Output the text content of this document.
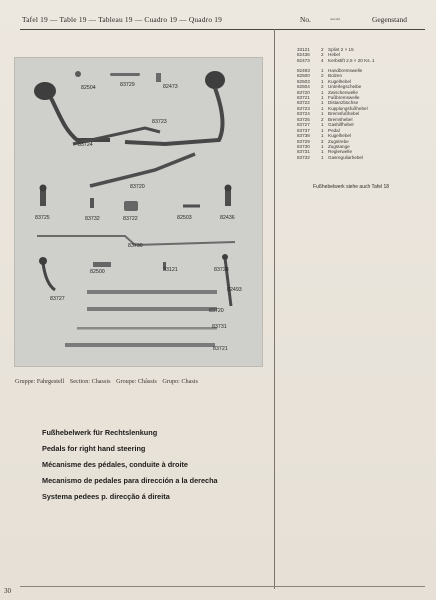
Tafel 19 — Table 19 — Tableau 19 — Cuadro 19 — Quadro 19	No.	Anzahl	Gegenstand
82504	83729	82473
83723
83724
83720
83725	83732	83722	82503	82436
83730
82500	33121	83728
83727
82493
83720
83731
83721
Gruppe: Fahrgestell Section: Chassis Groupe: Châssis Grupo: Chasis
Fußhebelwerk für Rechtslenkung
Pedals for right hand steering
Mécanisme des pédales, conduite à droite
Mecanismo de pedales para dirección a la derecha
Systema pedees p. direcção á direita
33121 2 Splint 2 × 15
82436 2 Hebel
82473 4 Kerbstift 2,5 × 20 Ks. 1
82493 1 Handbremswelle
82500 2 Bolzen
82503 1 Kugelhebel
82504 2 Unterlegscheibe
83720 1 Zwischenwelle
83721 1 Fußbremswelle
83722 1 Distanzbüchse
83723 1 Kupplungsfußhebel
83724 1 Bremsfußhebel
83725 2 Bremshebel
83727 1 Gashilfhebel
83737 1 Pedal
83738 1 Kugelhebel
83729 2 Zugstrebe
83730 1 Zugstange
83731 1 Reglerwelle
83732 1 Gasreguliarhebel
Fußhebelwerk siehe auch Tafel 18
30
